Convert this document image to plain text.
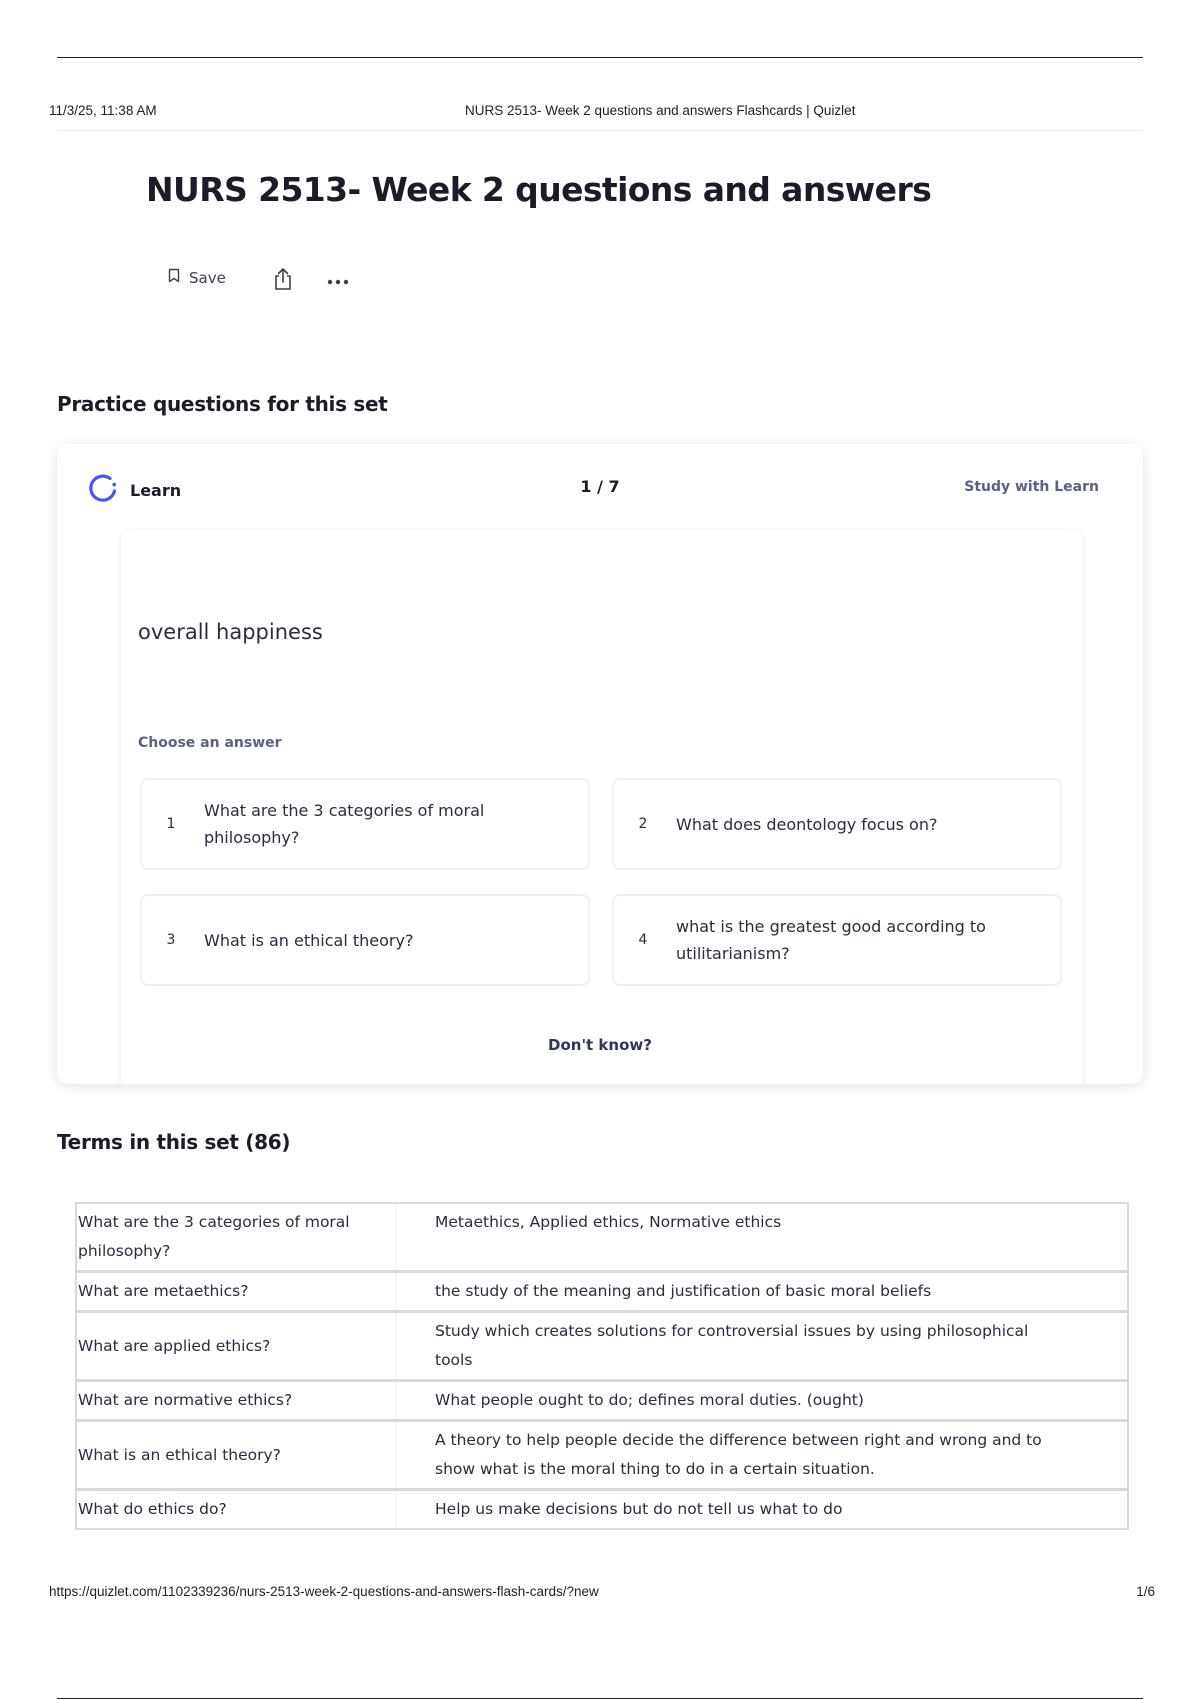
11/3/25, 11:38 AM	NURS 2513- Week 2 questions and answers Flashcards | Quizlet
NURS 2513- Week 2 questions and answers
Save
Practice questions for this set
Learn	1 / 7	Study with Learn
overall happiness
Choose an answer
1
What are the 3 categories of moral philosophy?
2	What does deontology focus on?
3	What is an ethical theory?	4
what is the greatest good according to utilitarianism?
Don't know?
Terms in this set (86)
What are the 3 categories of moral philosophy?	Metaethics, Applied ethics, Normative ethics
What are metaethics?	the study of the meaning and justification of basic moral beliefs
What are applied ethics?	Study which creates solutions for controversial issues by using philosophical tools
What are normative ethics?	What people ought to do; defines moral duties. (ought)
What is an ethical theory?	A theory to help people decide the difference between right and wrong and to show what is the moral thing to do in a certain situation.
What do ethics do?	Help us make decisions but do not tell us what to do
https://quizlet.com/1102339236/nurs-2513-week-2-questions-and-answers-flash-cards/?new	1/6
